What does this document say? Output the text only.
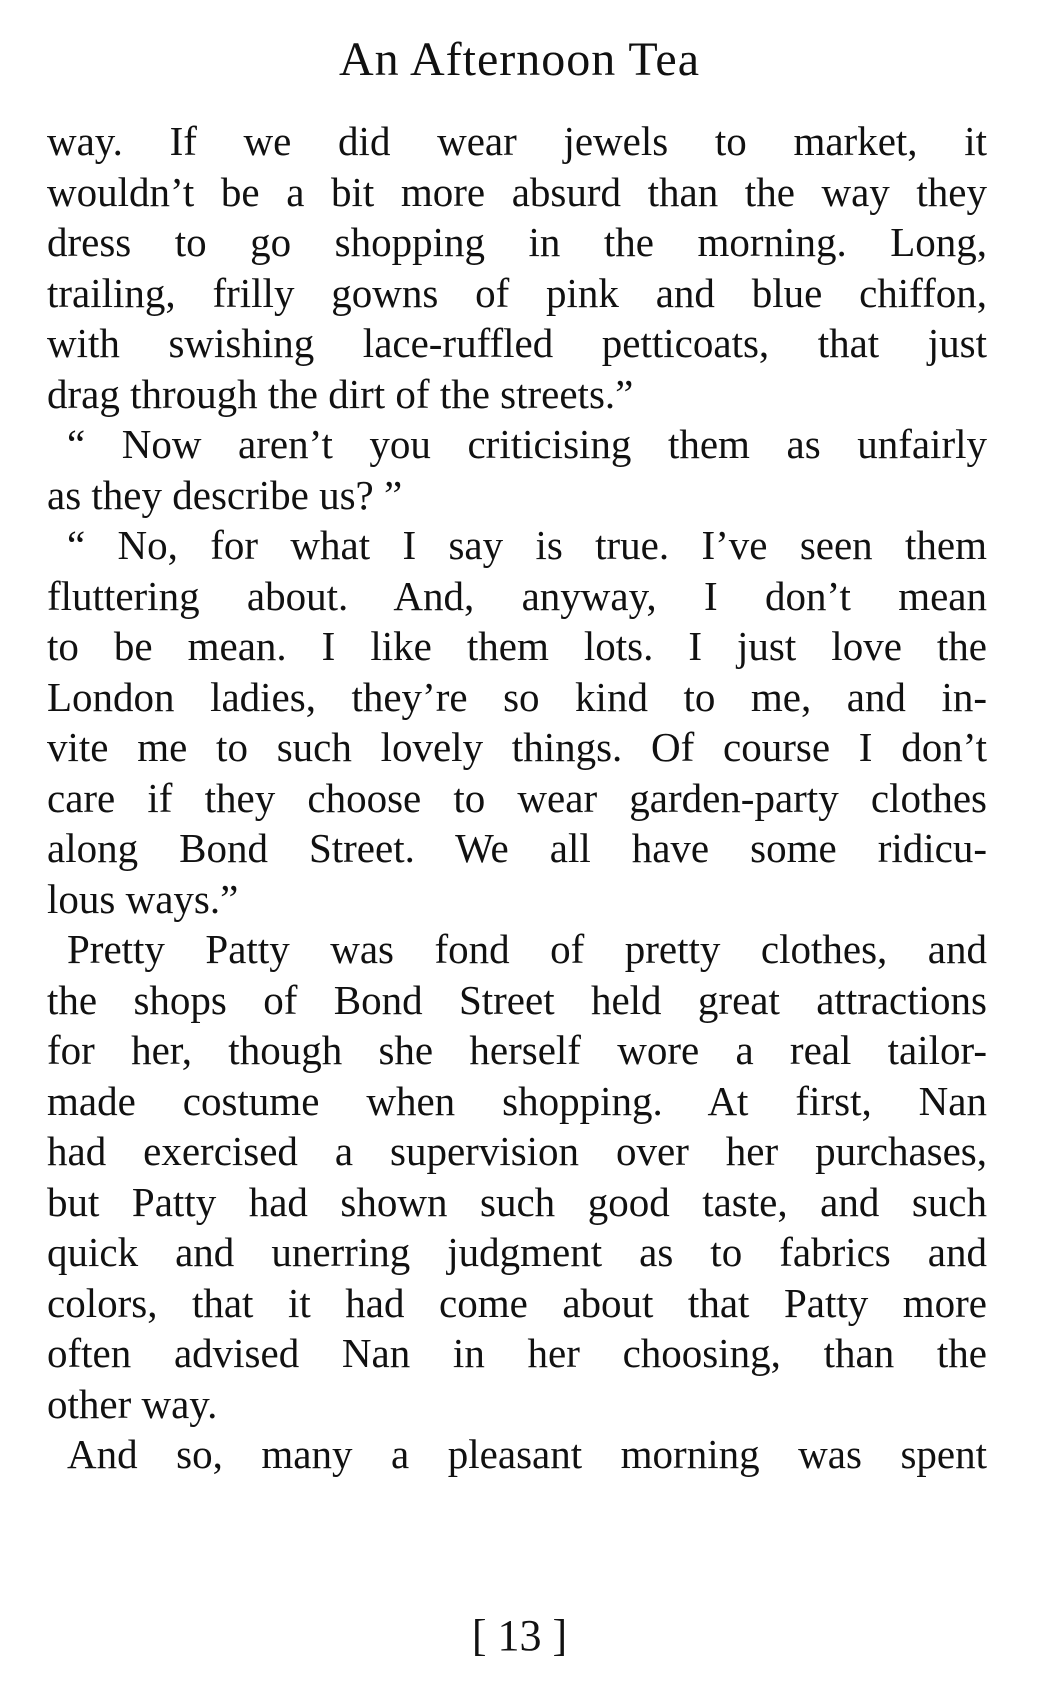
An Afternoon Tea
way. If we did wear jewels to market, it
wouldn’t be a bit more absurd than the way they
dress to go shopping in the morning. Long,
trailing, frilly gowns of pink and blue chiffon,
with swishing lace-ruffled petticoats, that just
drag through the dirt of the streets.”
“ Now aren’t you criticising them as unfairly
as they describe us? ”
“ No, for what I say is true. I’ve seen them
fluttering about. And, anyway, I don’t mean
to be mean. I like them lots. I just love the
London ladies, they’re so kind to me, and in-
vite me to such lovely things. Of course I don’t
care if they choose to wear garden-party clothes
along Bond Street. We all have some ridicu-
lous ways.”
Pretty Patty was fond of pretty clothes, and
the shops of Bond Street held great attractions
for her, though she herself wore a real tailor-
made costume when shopping. At first, Nan
had exercised a supervision over her purchases,
but Patty had shown such good taste, and such
quick and unerring judgment as to fabrics and
colors, that it had come about that Patty more
often advised Nan in her choosing, than the
other way.
And so, many a pleasant morning was spent
[ 13 ]
